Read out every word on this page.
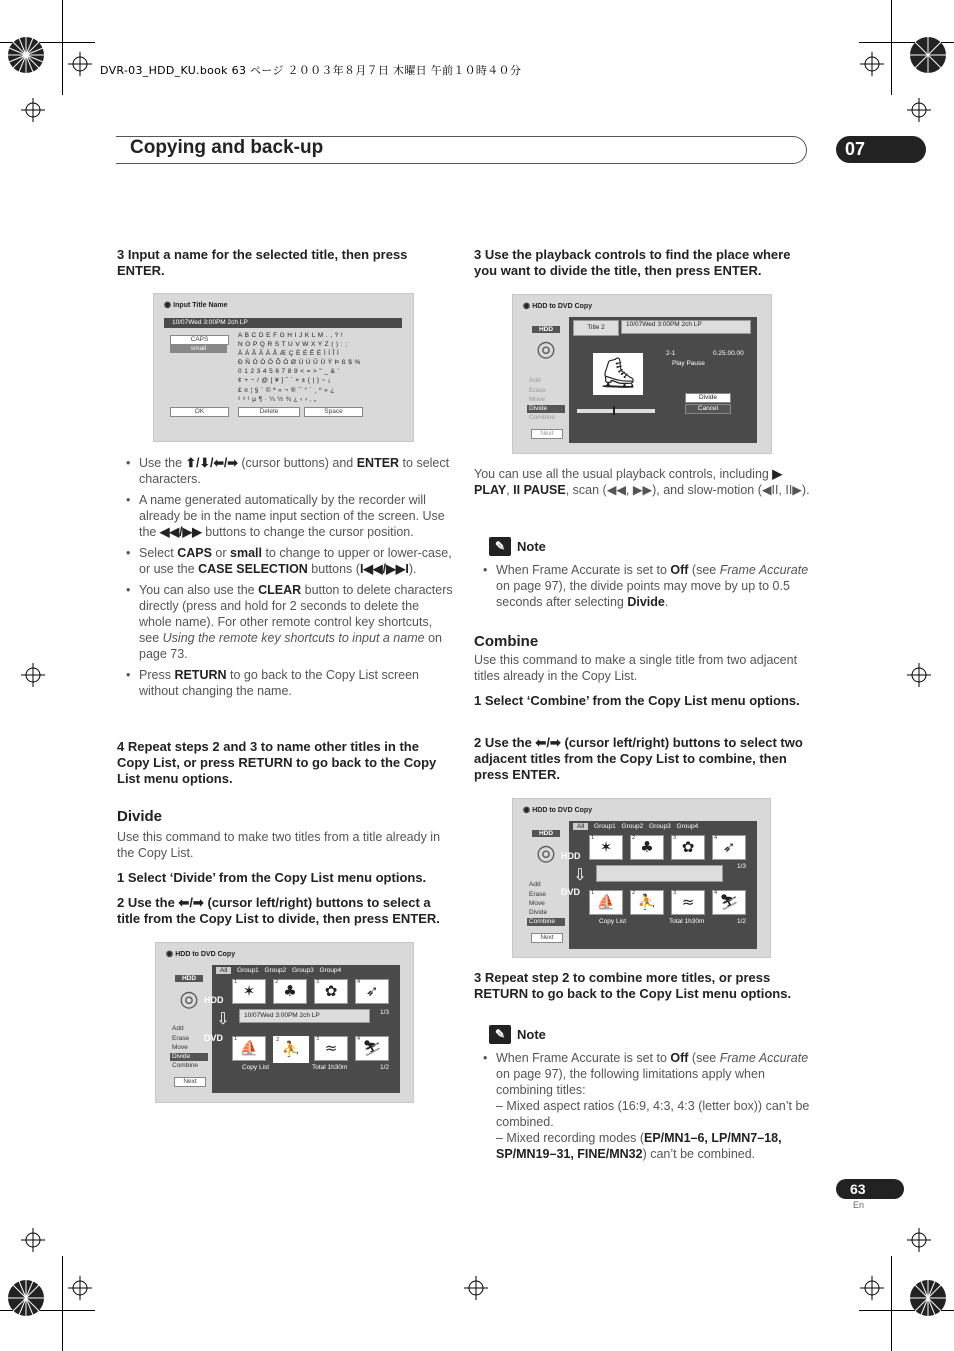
DVR-03_HDD_KU.book 63 ページ ２００３年８月７日 木曜日 午前１０時４０分
Copying and back-up	07
3 Input a name for the selected title, then press ENTER.
◉ Input Title Name
10/07Wed 3:00PM 2ch LP
CAPS
small
A B C D E F G H I J K L M . , ? !
N O P Q R S T U V W X Y Z ( ) : ;
À Á Â Ã Ä Å Æ Ç È É Ê Ë Ì Í Î Ï
Ð Ñ Ò Ó Ô Õ Ö Ø Ù Ú Û Ü Ý Þ ß $ %
0 1 2 3 4 5 6 7 8 9 < = > " _ & '
¢ + − / @ [ ¥ ] ˆ ` × ± { | } ~ ¡
£ ¤ ¦ § ¨ © ª « ¬ ® ¯ ° ´ ¸ º » ¿
² ³ ¹ µ ¶ · ¼ ½ ¾ ¿ ‹ › ‚ „
OK	Delete	Space
• Use the ⬆/⬇/⬅/➡ (cursor buttons) and ENTER to select characters.
• A name generated automatically by the recorder will already be in the name input section of the screen. Use the ◀◀/▶▶ buttons to change the cursor position.
• Select CAPS or small to change to upper or lower-case, or use the CASE SELECTION buttons (I◀◀/▶▶I).
• You can also use the CLEAR button to delete characters directly (press and hold for 2 seconds to delete the whole name). For other remote control key shortcuts, see Using the remote key shortcuts to input a name on page 73.
• Press RETURN to go back to the Copy List screen without changing the name.
4 Repeat steps 2 and 3 to name other titles in the Copy List, or press RETURN to go back to the Copy List menu options.
Divide
Use this command to make two titles from a title already in the Copy List.
1 Select ‘Divide’ from the Copy List menu options.
2 Use the ⬅/➡ (cursor left/right) buttons to select a title from the Copy List to divide, then press ENTER.
◉ HDD to DVD Copy
HDD
◎
Add
Erase
Move
Divide
Combine
Next
All Group1 Group2 Group3 Group4
HDD
1 ✶	2 ♣	3 ✿	4 ➶
⇩	10/07Wed 3:00PM 2ch LP	1/3
DVD 1 ⛵	2 ⛹
3 ≈	4 ⛷
Copy List	Total 1h30m	1/2
3 Use the playback controls to find the place where you want to divide the title, then press ENTER.
◉ HDD to DVD Copy
HDD
◎
Add
Erase
Move
Divide
Combine
Next
Title 2	10/07Wed 3:00PM 2ch LP
⛸
2-1	0.25.00.00
Play Pause
Divide
Cancel
You can use all the usual playback controls, including ▶ PLAY, II PAUSE, scan (◀◀, ▶▶), and slow-motion (◀II, II▶).
✎ Note
• When Frame Accurate is set to Off (see Frame Accurate on page 97), the divide points may move by up to 0.5 seconds after selecting Divide.
Combine
Use this command to make a single title from two adjacent titles already in the Copy List.
1 Select ‘Combine’ from the Copy List menu options.
2 Use the ⬅/➡ (cursor left/right) buttons to select two adjacent titles from the Copy List to combine, then press ENTER.
◉ HDD to DVD Copy
HDD
◎
Add
Erase
Move
Divide
Combine
Next
All Group1 Group2 Group3 Group4
HDD
1 ✶	2 ♣	3 ✿	4 ➶
⇩	1/3
DVD 1 ⛵	2 ⛹	3 ≈	4 ⛷
Copy List	Total 1h30m	1/2
3 Repeat step 2 to combine more titles, or press RETURN to go back to the Copy List menu options.
✎ Note
• When Frame Accurate is set to Off (see Frame Accurate on page 97), the following limitations apply when combining titles:
– Mixed aspect ratios (16:9, 4:3, 4:3 (letter box)) can’t be combined.
– Mixed recording modes (EP/MN1–6, LP/MN7–18, SP/MN19–31, FINE/MN32) can’t be combined.
63
En
